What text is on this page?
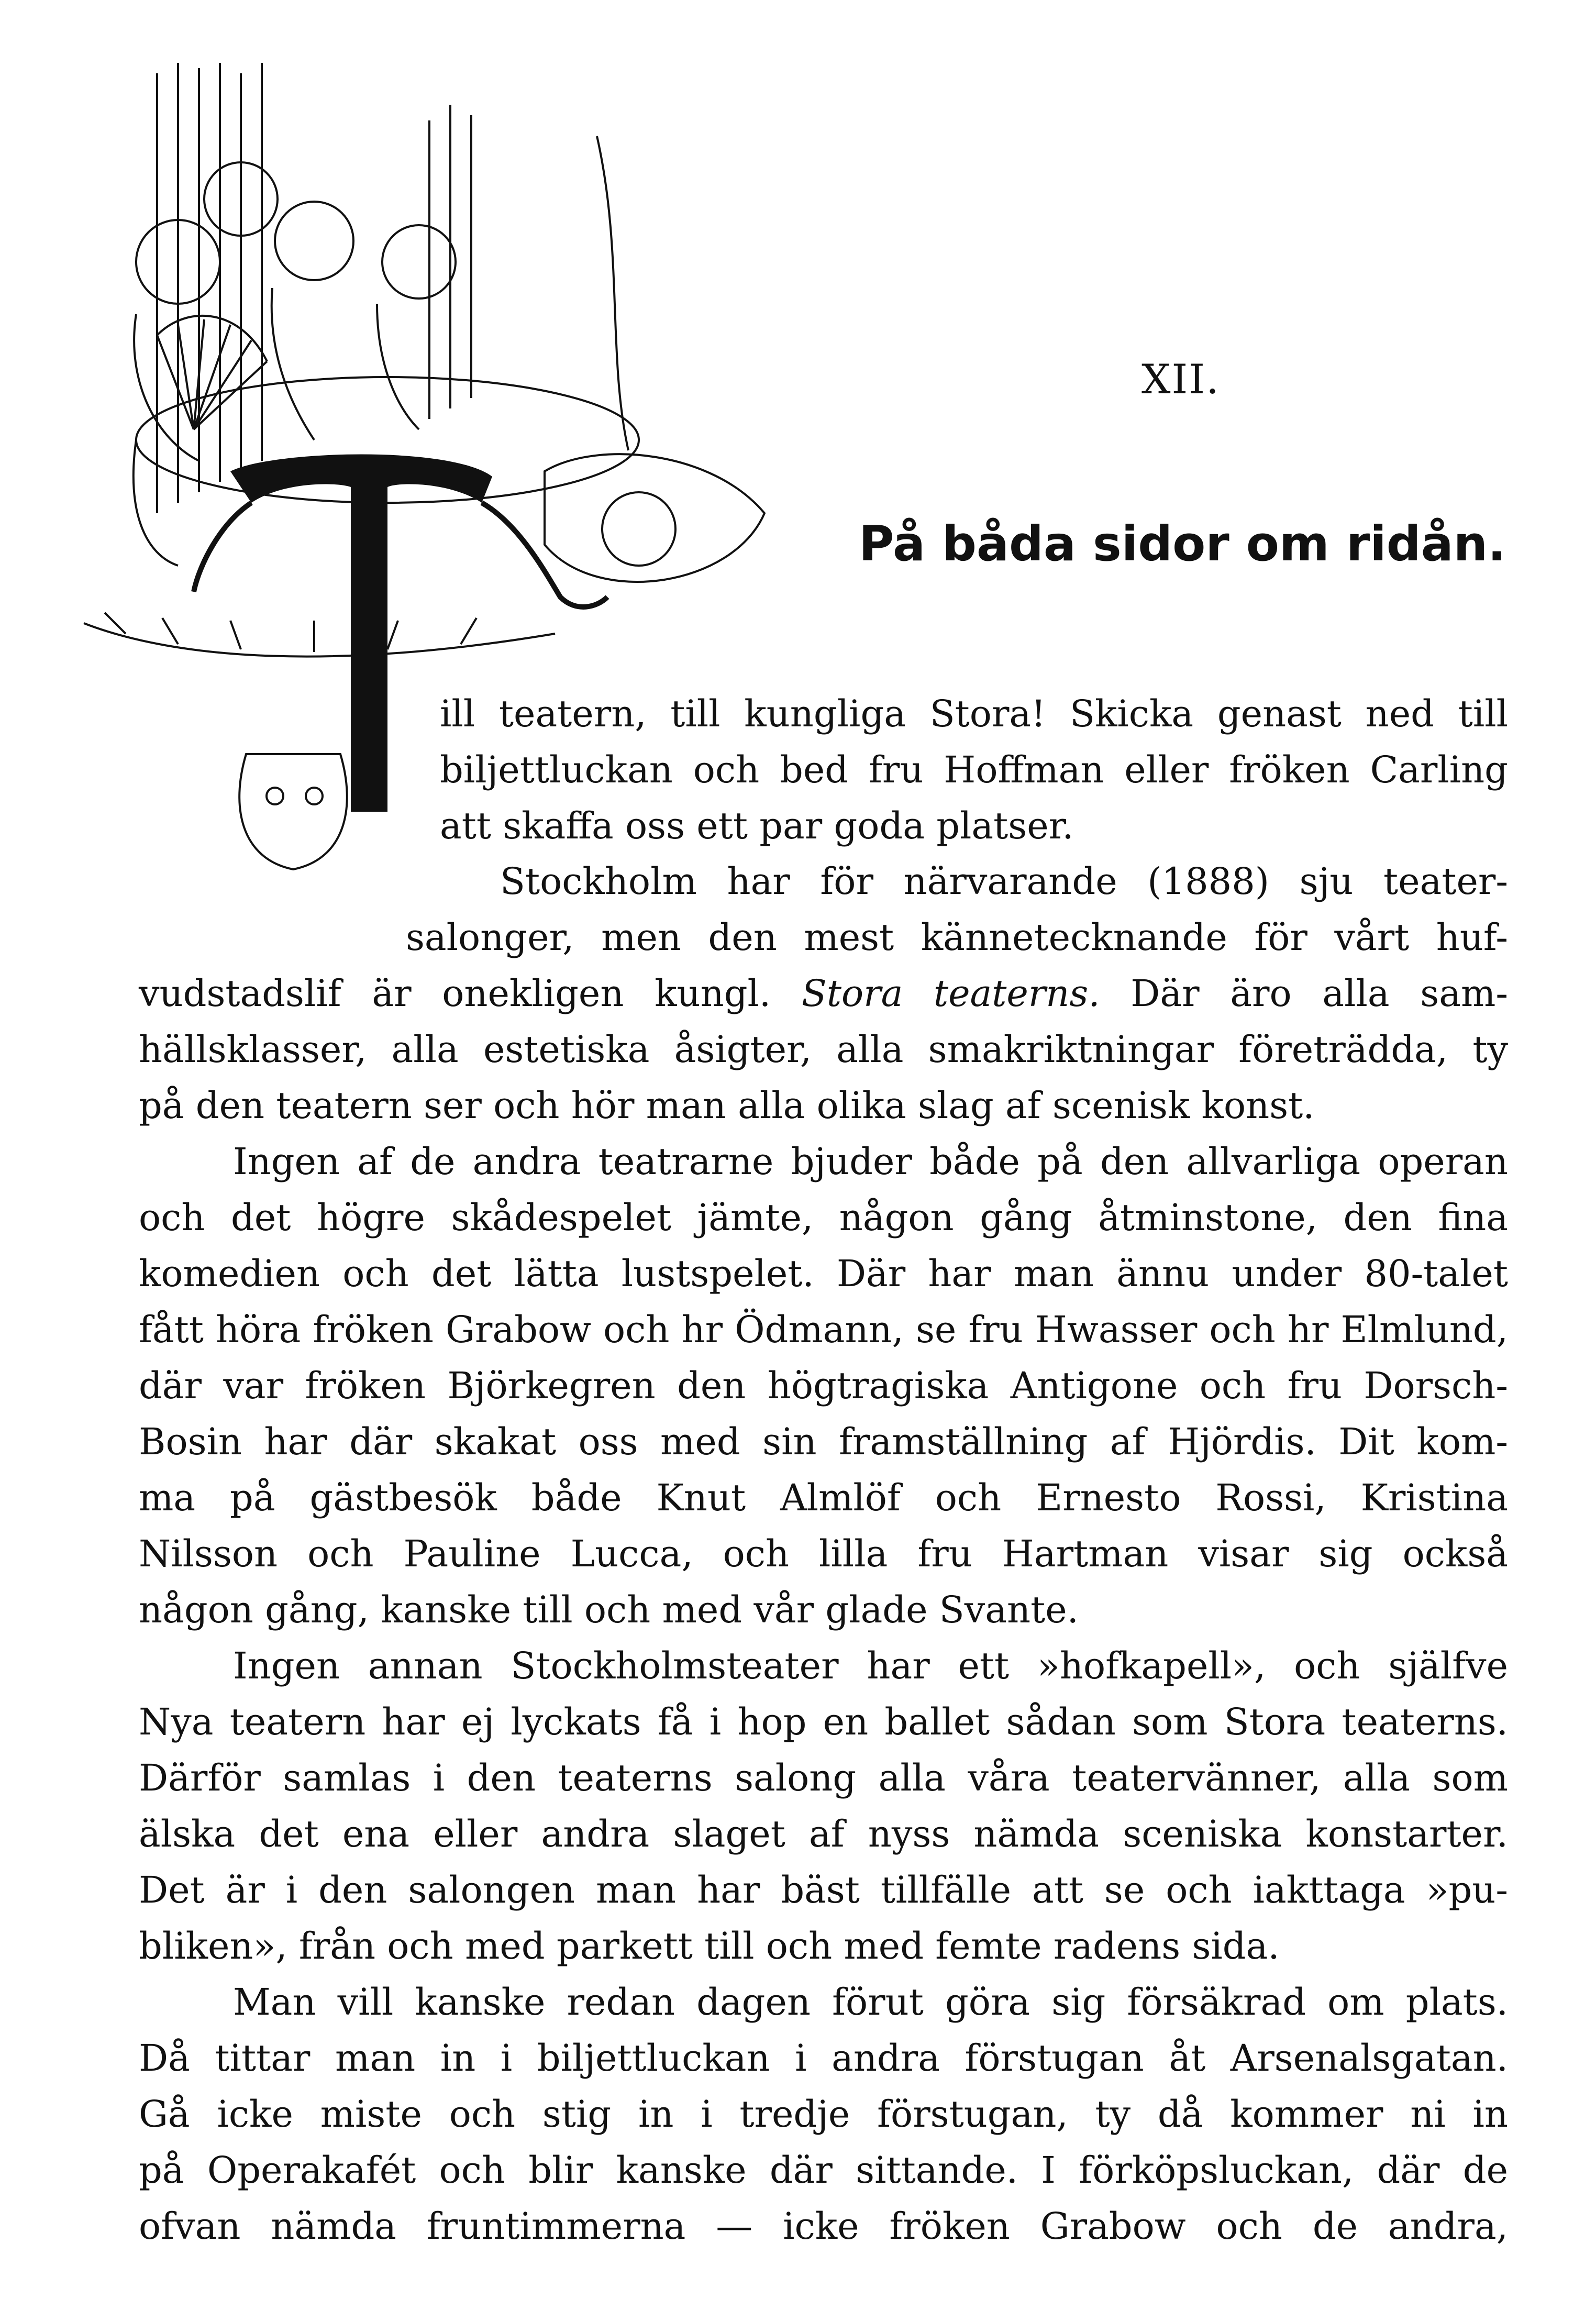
XII.
På båda sidor om ridån.
ill teatern, till kungliga Stora! Skicka genast ned till
biljettluckan och bed fru Hoffman eller fröken Carling
att skaffa oss ett par goda platser.
Stockholm har för närvarande (1888) sju teater-
salonger, men den mest kännetecknande för vårt huf-
vudstadslif är onekligen kungl. Stora teaterns. Där äro alla sam-
hällsklasser, alla estetiska åsigter, alla smakriktningar företrädda, ty
på den teatern ser och hör man alla olika slag af scenisk konst.
Ingen af de andra teatrarne bjuder både på den allvarliga operan
och det högre skådespelet jämte, någon gång åtminstone, den fina
komedien och det lätta lustspelet. Där har man ännu under 80-talet
fått höra fröken Grabow och hr Ödmann, se fru Hwasser och hr Elmlund,
där var fröken Björkegren den högtragiska Antigone och fru Dorsch-
Bosin har där skakat oss med sin framställning af Hjördis. Dit kom-
ma på gästbesök både Knut Almlöf och Ernesto Rossi, Kristina
Nilsson och Pauline Lucca, och lilla fru Hartman visar sig också
någon gång, kanske till och med vår glade Svante.
Ingen annan Stockholmsteater har ett »hofkapell», och själfve
Nya teatern har ej lyckats få i hop en ballet sådan som Stora teaterns.
Därför samlas i den teaterns salong alla våra teatervänner, alla som
älska det ena eller andra slaget af nyss nämda sceniska konstarter.
Det är i den salongen man har bäst tillfälle att se och iakttaga »pu-
bliken», från och med parkett till och med femte radens sida.
Man vill kanske redan dagen förut göra sig försäkrad om plats.
Då tittar man in i biljettluckan i andra förstugan åt Arsenalsgatan.
Gå icke miste och stig in i tredje förstugan, ty då kommer ni in
på Operakafét och blir kanske där sittande. I förköpsluckan, där de
ofvan nämda fruntimmerna — icke fröken Grabow och de andra,
